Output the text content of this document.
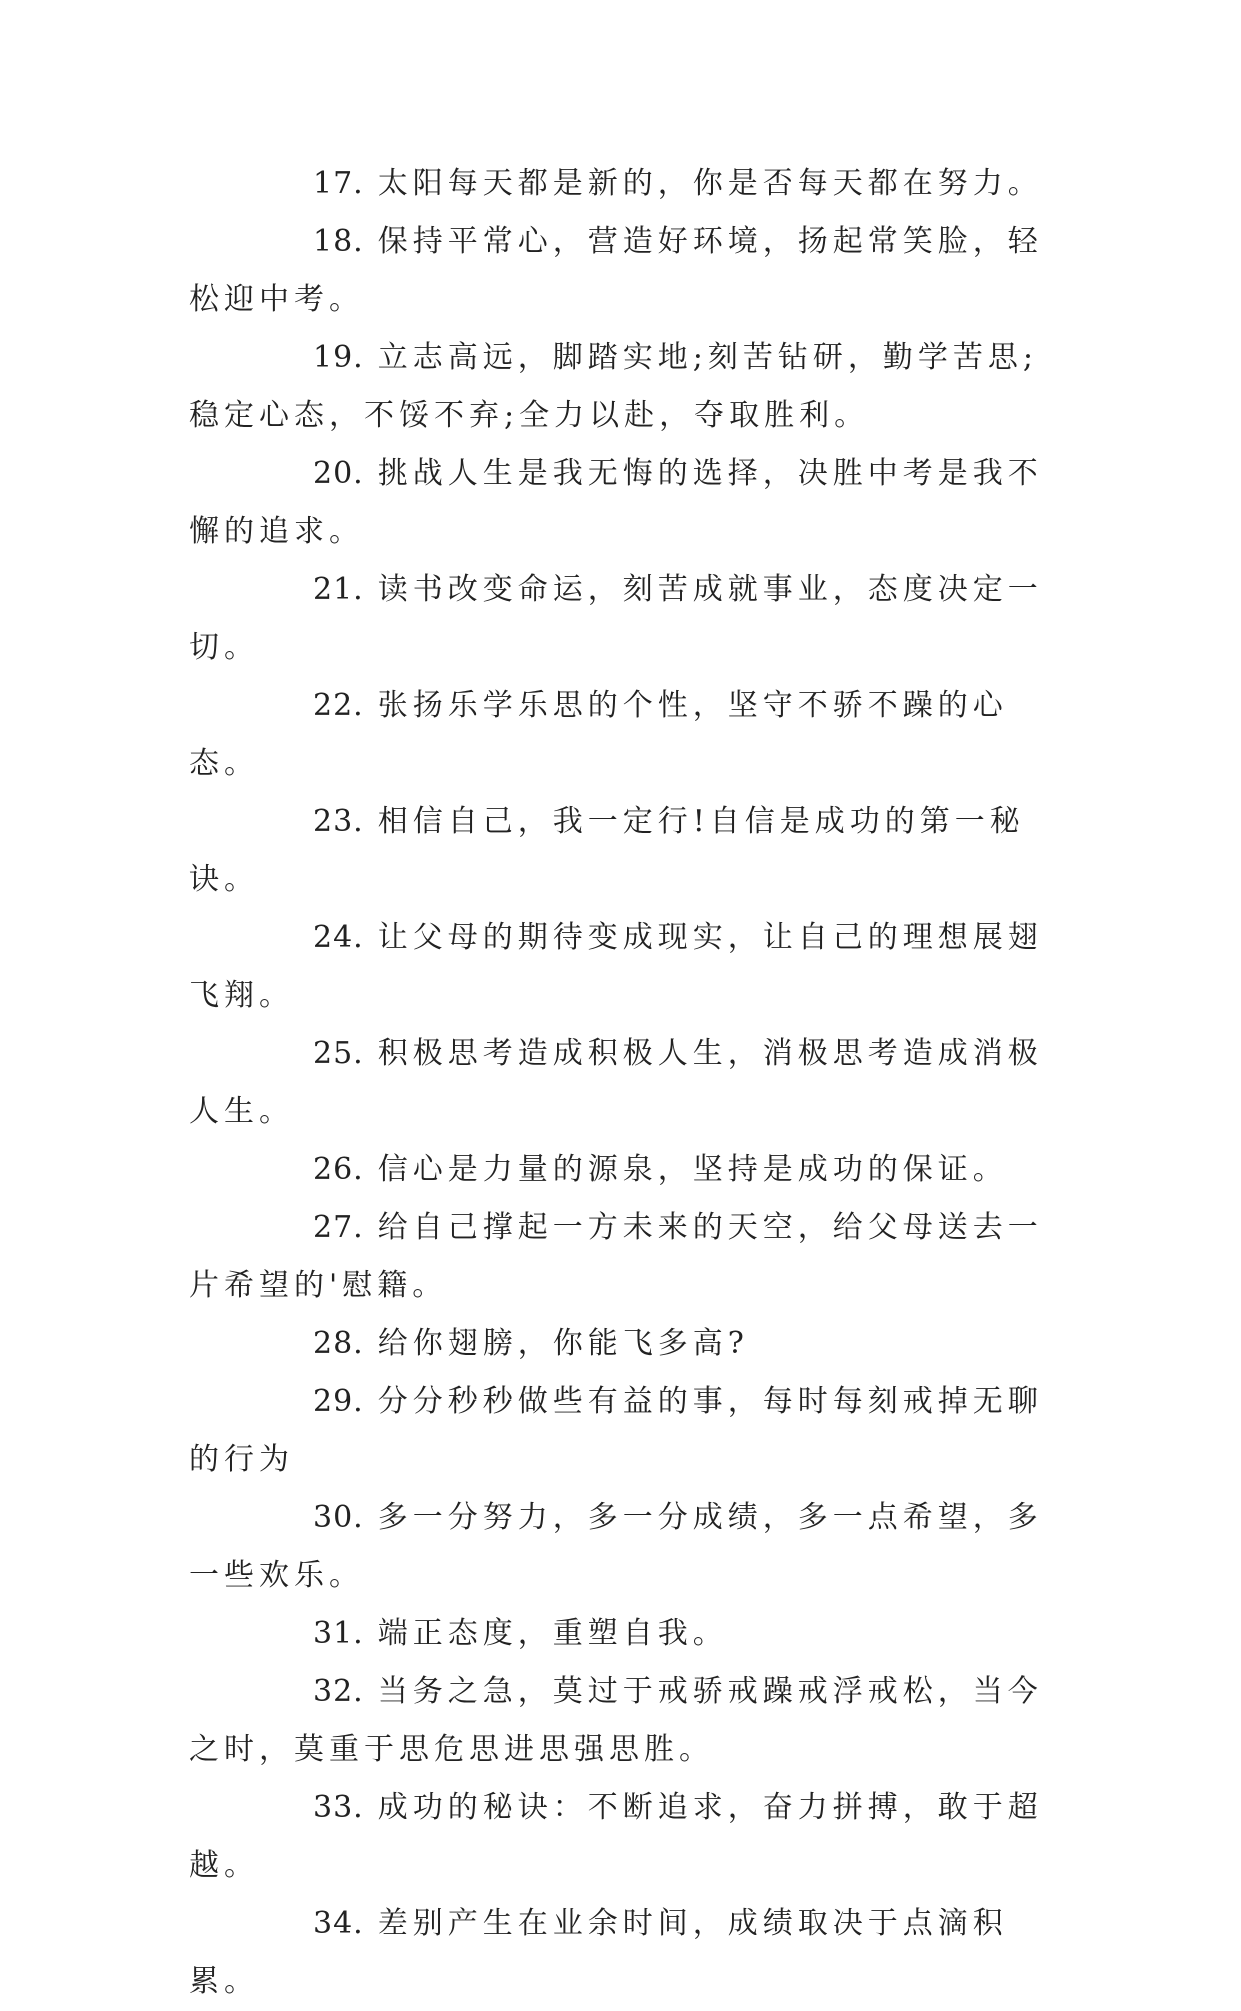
17. 太阳每天都是新的，你是否每天都在努力。

18. 保持平常心，营造好环境，扬起常笑脸，轻松迎中考。

19. 立志高远，脚踏实地;刻苦钻研，勤学苦思;稳定心态，不馁不弃;全力以赴，夺取胜利。

20. 挑战人生是我无悔的选择，决胜中考是我不懈的追求。

21. 读书改变命运，刻苦成就事业，态度决定一切。

22. 张扬乐学乐思的个性，坚守不骄不躁的心态。

23. 相信自己，我一定行!自信是成功的第一秘诀。

24. 让父母的期待变成现实，让自己的理想展翅飞翔。

25. 积极思考造成积极人生，消极思考造成消极人生。

26. 信心是力量的源泉，坚持是成功的保证。

27. 给自己撑起一方未来的天空，给父母送去一片希望的'慰籍。

28. 给你翅膀，你能飞多高?

29. 分分秒秒做些有益的事，每时每刻戒掉无聊的行为

30. 多一分努力，多一分成绩，多一点希望，多一些欢乐。

31. 端正态度，重塑自我。

32. 当务之急，莫过于戒骄戒躁戒浮戒松，当今之时，莫重于思危思进思强思胜。

33. 成功的秘诀：不断追求，奋力拼搏，敢于超越。

34. 差别产生在业余时间，成绩取决于点滴积累。
